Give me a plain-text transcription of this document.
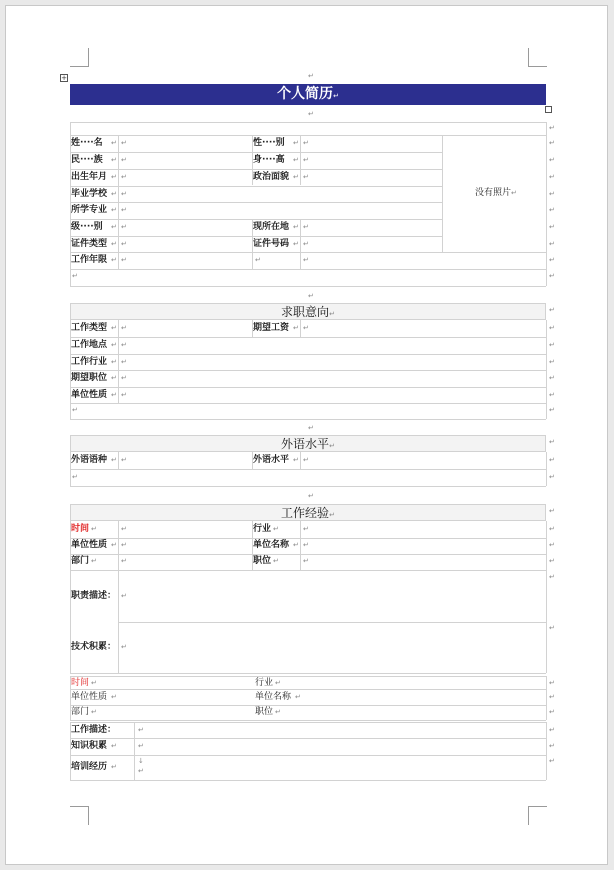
+	↵
个人简历↵
↵
↵
姓····名 ↵ ↵	性····别 ↵ ↵	↵
民····族 ↵ ↵	身····高 ↵ ↵	↵
出生年月 ↵ ↵	政治面貌 ↵ ↵	↵
毕业学校 ↵ ↵	没有照片↵	↵
所学专业 ↵ ↵	↵
级····别 ↵ ↵	现所在地 ↵ ↵	↵
证件类型 ↵ ↵	证件号码 ↵ ↵	↵
工作年限 ↵ ↵	↵	↵	↵
↵	↵
↵
求职意向↵	↵
工作类型 ↵ ↵	期望工资 ↵ ↵	↵
工作地点 ↵ ↵	↵
工作行业 ↵ ↵	↵
期望职位 ↵ ↵	↵
单位性质 ↵ ↵	↵
↵	↵
↵
外语水平↵	↵
外语语种 ↵ ↵	外语水平 ↵ ↵	↵
↵	↵
↵
工作经验↵	↵
时间 ↵	↵	行业 ↵	↵	↵
单位性质 ↵ ↵	单位名称 ↵ ↵	↵
部门 ↵	↵	职位 ↵	↵	↵
职责描述： ↵
↵
技术积累： ↵
↵
时间 ↵	行业 ↵	↵
单位性质 ↵	单位名称 ↵	↵
部门 ↵	职位 ↵	↵
工作描述：	↵	↵
知识积累 ↵	↵	↵
培训经历 ↵
↓
↵
↵
